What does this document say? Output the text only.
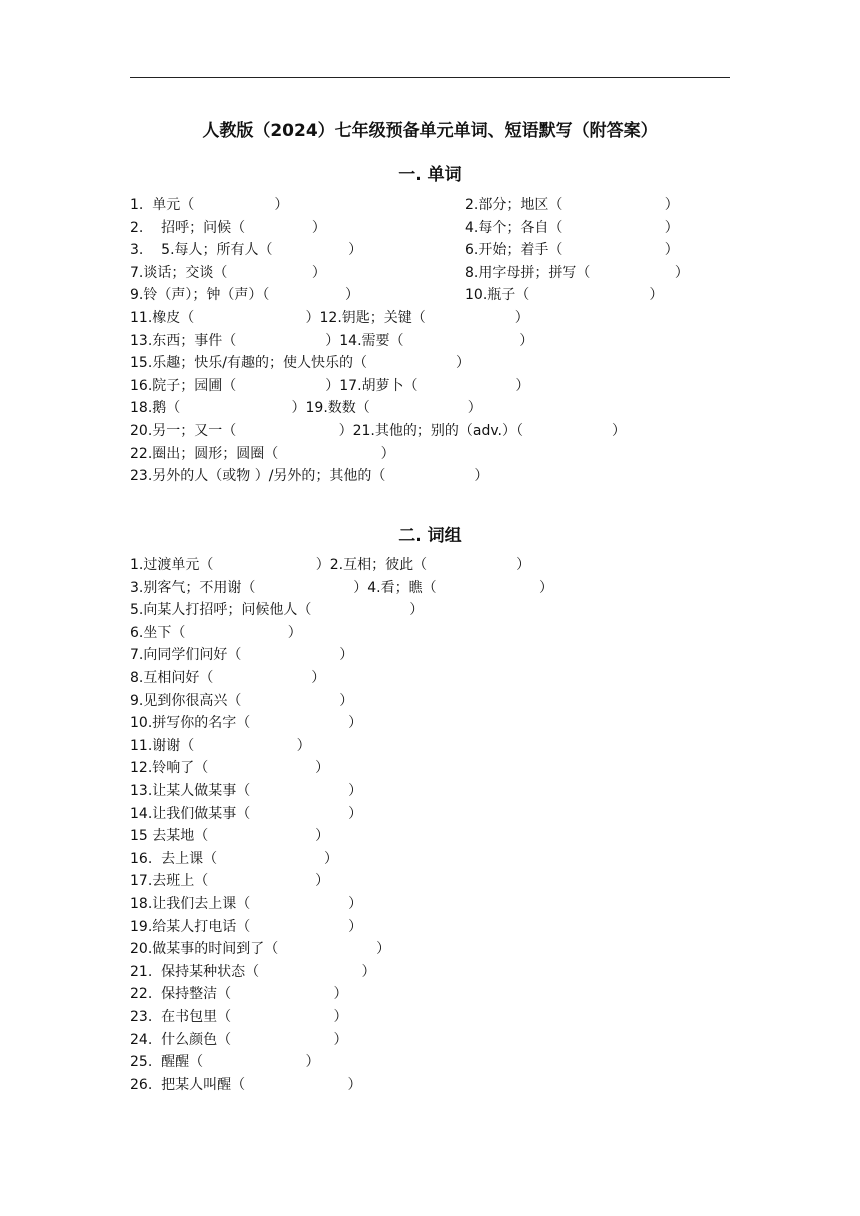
人教版（2024）七年级预备单元单词、短语默写（附答案）
一. 单词
1.  单元（                  ）	2.部分；地区（                       ）
2.    招呼；问候（               ）	4.每个；各自（                       ）
3.    5.每人；所有人（                 ）	6.开始；着手（                       ）
7.谈话；交谈（                   ）	8.用字母拼；拼写（                   ）
9.铃（声）；钟（声）（                 ）	10.瓶子（                           ）
11.橡皮（                         ）12.钥匙；关键（                    ）
13.东西；事件（                    ）14.需要（                          ）
15.乐趣；快乐/有趣的；使人快乐的（                    ）
16.院子；园圃（                    ）17.胡萝卜（                      ）
18.鹅（                         ）19.数数（                      ）
20.另一；又一（                       ）21.其他的；别的（adv.）（                    ）
22.圈出；圆形；圆圈（                       ）
23.另外的人（或物 ）/另外的；其他的（                    ）
二. 词组
1.过渡单元（                       ）2.互相；彼此（                    ）
3.别客气；不用谢（                      ）4.看；瞧（                       ）
5.向某人打招呼；问候他人（                      ）
6.坐下（                       ）
7.向同学们问好（                      ）
8.互相问好（                      ）
9.见到你很高兴（                      ）
10.拼写你的名字（                      ）
11.谢谢（                       ）
12.铃响了（                        ）
13.让某人做某事（                      ）
14.让我们做某事（                      ）
15 去某地（                        ）
16.  去上课（                        ）
17.去班上（                        ）
18.让我们去上课（                      ）
19.给某人打电话（                      ）
20.做某事的时间到了（                      ）
21.  保持某种状态（                       ）
22.  保持整洁（                       ）
23.  在书包里（                       ）
24.  什么颜色（                       ）
25.  醒醒（                       ）
26.  把某人叫醒（                       ）
